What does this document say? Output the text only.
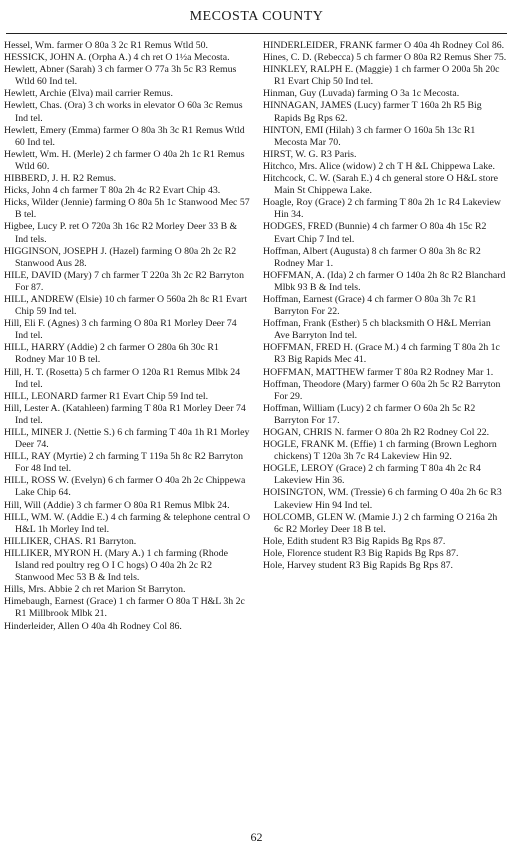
MECOSTA COUNTY

Hessel, Wm. farmer O 80a 3 2c R1 Remus Wtld 50.

HESSICK, JOHN A. (Orpha A.) 4 ch ret O 1½a Mecosta.

Hewlett, Abner (Sarah) 3 ch farmer O 77a 3h 5c R3 Remus Wtld 60 Ind tel.

Hewlett, Archie (Elva) mail carrier Remus.

Hewlett, Chas. (Ora) 3 ch works in elevator O 60a 3c Remus Ind tel.

Hewlett, Emery (Emma) farmer O 80a 3h 3c R1 Remus Wtld 60 Ind tel.

Hewlett, Wm. H. (Merle) 2 ch farmer O 40a 2h 1c R1 Remus Wtld 60.

HIBBERD, J. H. R2 Remus.

Hicks, John 4 ch farmer T 80a 2h 4c R2 Evart Chip 43.

Hicks, Wilder (Jennie) farming O 80a 5h 1c Stanwood Mec 57 B tel.

Higbee, Lucy P. ret O 720a 3h 16c R2 Morley Deer 33 B & Ind tels.

HIGGINSON, JOSEPH J. (Hazel) farming O 80a 2h 2c R2 Stanwood Aus 28.

HILE, DAVID (Mary) 7 ch farmer T 220a 3h 2c R2 Barryton For 87.

HILL, ANDREW (Elsie) 10 ch farmer O 560a 2h 8c R1 Evart Chip 59 Ind tel.

Hill, Eli F. (Agnes) 3 ch farming O 80a R1 Morley Deer 74 Ind tel.

HILL, HARRY (Addie) 2 ch farmer O 280a 6h 30c R1 Rodney Mar 10 B tel.

Hill, H. T. (Rosetta) 5 ch farmer O 120a R1 Remus Mlbk 24 Ind tel.

HILL, LEONARD farmer R1 Evart Chip 59 Ind tel.

Hill, Lester A. (Katahleen) farming T 80a R1 Morley Deer 74 Ind tel.

HILL, MINER J. (Nettie S.) 6 ch farming T 40a 1h R1 Morley Deer 74.

HILL, RAY (Myrtie) 2 ch farming T 119a 5h 8c R2 Barryton For 48 Ind tel.

HILL, ROSS W. (Evelyn) 6 ch farmer O 40a 2h 2c Chippewa Lake Chip 64.

Hill, Will (Addie) 3 ch farmer O 80a R1 Remus Mlbk 24.

HILL, WM. W. (Addie E.) 4 ch farming & telephone central O H&L 1h Morley Ind tel.

HILLIKER, CHAS. R1 Barryton.

HILLIKER, MYRON H. (Mary A.) 1 ch farming (Rhode Island red poultry reg O I C hogs) O 40a 2h 2c R2 Stanwood Mec 53 B & Ind tels.

Hills, Mrs. Abbie 2 ch ret Marion St Barryton.

Himebaugh, Earnest (Grace) 1 ch farmer O 80a T H&L 3h 2c R1 Millbrook Mlbk 21.

Hinderleider, Allen O 40a 4h Rodney Col 86.

HINDERLEIDER, FRANK farmer O 40a 4h Rodney Col 86.

Hines, C. D. (Rebecca) 5 ch farmer O 80a R2 Remus Sher 75.

HINKLEY, RALPH E. (Maggie) 1 ch farmer O 200a 5h 20c R1 Evart Chip 50 Ind tel.

Hinman, Guy (Luvada) farming O 3a 1c Mecosta.

HINNAGAN, JAMES (Lucy) farmer T 160a 2h R5 Big Rapids Bg Rps 62.

HINTON, EMI (Hilah) 3 ch farmer O 160a 5h 13c R1 Mecosta Mar 70.

HIRST, W. G. R3 Paris.

Hitchco, Mrs. Alice (widow) 2 ch T H &L Chippewa Lake.

Hitchcock, C. W. (Sarah E.) 4 ch general store O H&L store Main St Chippewa Lake.

Hoagle, Roy (Grace) 2 ch farming T 80a 2h 1c R4 Lakeview Hin 34.

HODGES, FRED (Bunnie) 4 ch farmer O 80a 4h 15c R2 Evart Chip 7 Ind tel.

Hoffman, Albert (Augusta) 8 ch farmer O 80a 3h 8c R2 Rodney Mar 1.

HOFFMAN, A. (Ida) 2 ch farmer O 140a 2h 8c R2 Blanchard Mlbk 93 B & Ind tels.

Hoffman, Earnest (Grace) 4 ch farmer O 80a 3h 7c R1 Barryton For 22.

Hoffman, Frank (Esther) 5 ch blacksmith O H&L Merrian Ave Barryton Ind tel.

HOFFMAN, FRED H. (Grace M.) 4 ch farming T 80a 2h 1c R3 Big Rapids Mec 41.

HOFFMAN, MATTHEW farmer T 80a R2 Rodney Mar 1.

Hoffman, Theodore (Mary) farmer O 60a 2h 5c R2 Barryton For 29.

Hoffman, William (Lucy) 2 ch farmer O 60a 2h 5c R2 Barryton For 17.

HOGAN, CHRIS N. farmer O 80a 2h R2 Rodney Col 22.

HOGLE, FRANK M. (Effie) 1 ch farming (Brown Leghorn chickens) T 120a 3h 7c R4 Lakeview Hin 92.

HOGLE, LEROY (Grace) 2 ch farming T 80a 4h 2c R4 Lakeview Hin 36.

HOISINGTON, WM. (Tressie) 6 ch farming O 40a 2h 6c R3 Lakeview Hin 94 Ind tel.

HOLCOMB, GLEN W. (Mamie J.) 2 ch farming O 216a 2h 6c R2 Morley Deer 18 B tel.

Hole, Edith student R3 Big Rapids Bg Rps 87.

Hole, Florence student R3 Big Rapids Bg Rps 87.

Hole, Harvey student R3 Big Rapids Bg Rps 87.

62
